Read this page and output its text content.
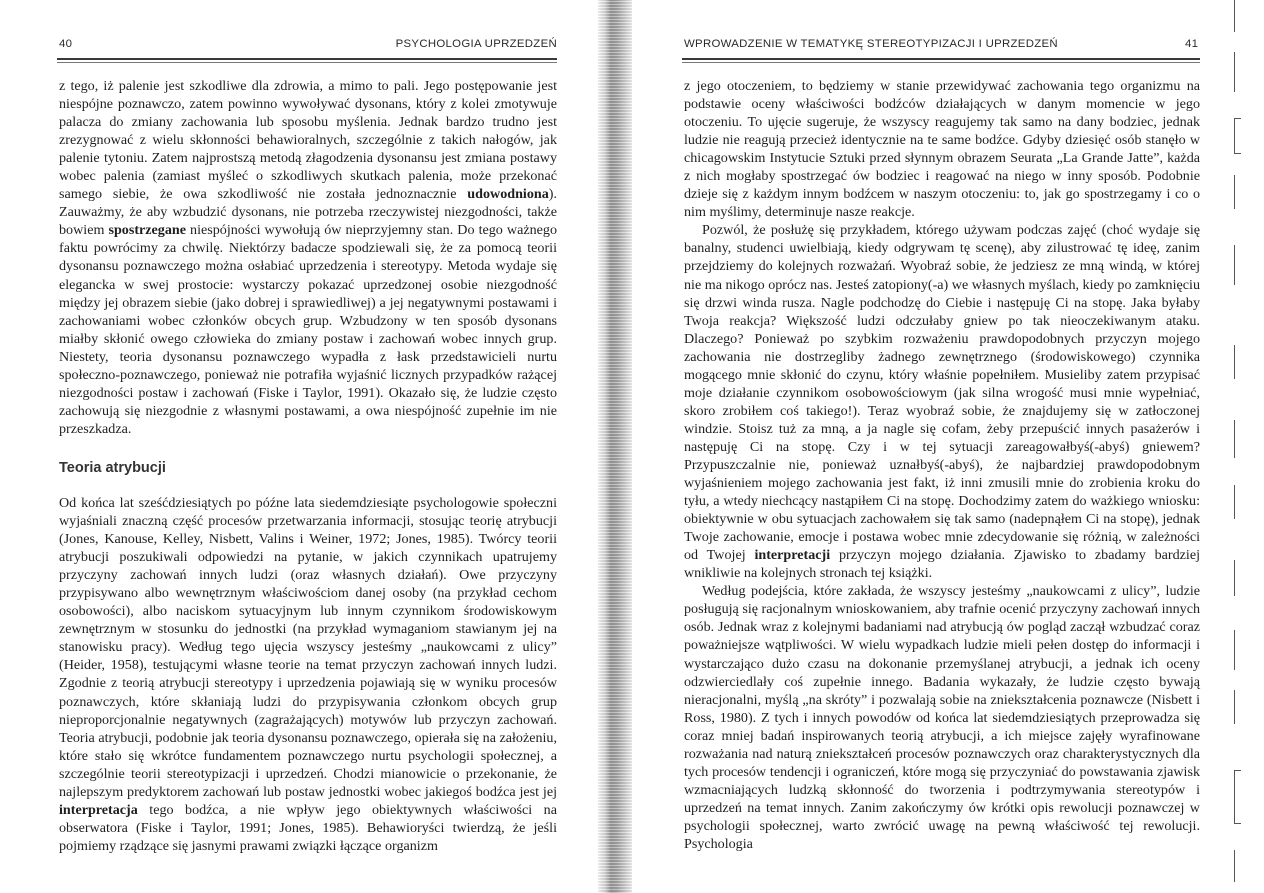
40	PSYCHOLOGIA UPRZEDZEŃ

z tego, iż palenie jest szkodliwe dla zdrowia, a mimo to pali. Jego postępowanie jest niespójne poznawczo, zatem powinno wywoływać dysonans, który z kolei zmotywuje palacza do zmiany zachowania lub sposobu myślenia. Jednak bardzo trudno jest zrezygnować z wielu skłonności behawioralnych, szczególnie z takich nałogów, jak palenie tytoniu. Zatem najprostszą metodą złagodzenia dysonansu jest zmiana postawy wobec palenia (zamiast myśleć o szkodliwych skutkach palenia, może przekonać samego siebie, że owa szkodliwość nie została jednoznacznie udowodniona). Zauważmy, że aby wzbudzić dysonans, nie potrzeba rzeczywistej niezgodności, także bowiem spostrzegane niespójności wywołują ów nieprzyjemny stan. Do tego ważnego faktu powrócimy za chwilę. Niektórzy badacze spodziewali się, że za pomocą teorii dysonansu poznawczego można osłabiać uprzedzenia i stereotypy. Metoda wydaje się elegancka w swej prostocie: wystarczy pokazać uprzedzonej osobie niezgodność między jej obrazem siebie (jako dobrej i sprawiedliwej) a jej negatywnymi postawami i zachowaniami wobec członków obcych grup. Wzbudzony w ten sposób dysonans miałby skłonić owego człowieka do zmiany postaw i zachowań wobec innych grup. Niestety, teoria dysonansu poznawczego wypadła z łask przedstawicieli nurtu społeczno-poznawczego, ponieważ nie potrafiła wyjaśnić licznych przypadków rażącej niezgodności postaw i zachowań (Fiske i Taylor, 1991). Okazało się, że ludzie często zachowują się niezgodnie z własnymi postawami, a owa niespójność zupełnie im nie przeszkadza.

Teoria atrybucji

Od końca lat sześćdziesiątych po późne lata siedemdziesiąte psychologowie społeczni wyjaśniali znaczną część procesów przetwarzania informacji, stosując teorię atrybucji (Jones, Kanouse, Kelley, Nisbett, Valins i Weiner, 1972; Jones, 1985). Twórcy teorii atrybucji poszukiwali odpowiedzi na pytanie, w jakich czynnikach upatrujemy przyczyny zachowań innych ludzi (oraz własnych działań). Owe przyczyny przypisywano albo wewnętrznym właściwościom danej osoby (na przykład cechom osobowości), albo naciskom sytuacyjnym lub innym czynnikom środowiskowym zewnętrznym w stosunku do jednostki (na przykład wymaganiom stawianym jej na stanowisku pracy). Według tego ujęcia wszyscy jesteśmy „naukowcami z ulicy” (Heider, 1958), testującymi własne teorie na temat przyczyn zachowań innych ludzi. Zgodnie z teorią atrybucji stereotypy i uprzedzenia pojawiają się w wyniku procesów poznawczych, które skłaniają ludzi do przypisywania członkom obcych grup nieproporcjonalnie negatywnych (zagrażających) motywów lub przyczyn zachowań. Teoria atrybucji, podobnie jak teoria dysonansu poznawczego, opierała się na założeniu, które stało się wkrótce fundamentem poznawczego nurtu psychologii społecznej, a szczególnie teorii stereotypizacji i uprzedzeń. Chodzi mianowicie o przekonanie, że najlepszym predyktorem zachowań lub postaw jednostki wobec jakiegoś bodźca jest jej interpretacja tego bodźca, a nie wpływ jego obiektywnych właściwości na obserwatora (Fiske i Taylor, 1991; Jones, 1985). Behawioryści twierdzą, że jeśli pojmiemy rządzące się jasnymi prawami związki łączące organizm

WPROWADZENIE W TEMATYKĘ STEREOTYPIZACJI I UPRZEDZEŃ	41

z jego otoczeniem, to będziemy w stanie przewidywać zachowania tego organizmu na podstawie oceny właściwości bodźców działających w danym momencie w jego otoczeniu. To ujęcie sugeruje, że wszyscy reagujemy tak samo na dany bodziec, jednak ludzie nie reagują przecież identycznie na te same bodźce. Gdyby dziesięć osób stanęło w chicagowskim Instytucie Sztuki przed słynnym obrazem Seurata „La Grande Jatte”, każda z nich mogłaby spostrzegać ów bodziec i reagować na niego w inny sposób. Podobnie dzieje się z każdym innym bodźcem w naszym otoczeniu: to, jak go spostrzegamy i co o nim myślimy, determinuje nasze reakcje.

Pozwól, że posłużę się przykładem, którego używam podczas zajęć (choć wydaje się banalny, studenci uwielbiają, kiedy odgrywam tę scenę), aby zilustrować tę ideę, zanim przejdziemy do kolejnych rozważań. Wyobraź sobie, że jedziesz ze mną windą, w której nie ma nikogo oprócz nas. Jesteś zatopiony(-a) we własnych myślach, kiedy po zamknięciu się drzwi winda rusza. Nagle podchodzę do Ciebie i następuję Ci na stopę. Jaka byłaby Twoja reakcja? Większość ludzi odczułaby gniew po tak nieoczekiwanym ataku. Dlaczego? Ponieważ po szybkim rozważeniu prawdopodobnych przyczyn mojego zachowania nie dostrzegliby żadnego zewnętrznego (środowiskowego) czynnika mogącego mnie skłonić do czynu, który właśnie popełniłem. Musieliby zatem przypisać moje działanie czynnikom osobowościowym (jak silna wrogość musi mnie wypełniać, skoro zrobiłem coś takiego!). Teraz wyobraź sobie, że znajdujemy się w zatłoczonej windzie. Stoisz tuż za mną, a ja nagle się cofam, żeby przepuścić innych pasażerów i następuję Ci na stopę. Czy i w tej sytuacji zareagowałbyś(-abyś) gniewem? Przypuszczalnie nie, ponieważ uznałbyś(-abyś), że najbardziej prawdopodobnym wyjaśnieniem mojego zachowania jest fakt, iż inni zmusili mnie do zrobienia kroku do tyłu, a wtedy niechcący nastąpiłem Ci na stopę. Dochodzimy zatem do ważkiego wniosku: obiektywnie w obu sytuacjach zachowałem się tak samo (nadepnąłem Ci na stopę), jednak Twoje zachowanie, emocje i postawa wobec mnie zdecydowanie się różnią, w zależności od Twojej interpretacji przyczyn mojego działania. Zjawisko to zbadamy bardziej wnikliwie na kolejnych stronach tej książki.

Według podejścia, które zakłada, że wszyscy jesteśmy „naukowcami z ulicy”, ludzie posługują się racjonalnym wnioskowaniem, aby trafnie ocenić przyczyny zachowań innych osób. Jednak wraz z kolejnymi badaniami nad atrybucją ów pogląd zaczął wzbudzać coraz poważniejsze wątpliwości. W wielu wypadkach ludzie mieli pełen dostęp do informacji i wystarczająco dużo czasu na dokonanie przemyślanej atrybucji, a jednak ich oceny odzwierciedlały coś zupełnie innego. Badania wykazały, że ludzie często bywają nieracjonalni, myślą „na skróty” i pozwalają sobie na zniekształcenia poznawcze (Nisbett i Ross, 1980). Z tych i innych powodów od końca lat siedemdziesiątych przeprowadza się coraz mniej badań inspirowanych teorią atrybucji, a ich miejsce zajęły wyrafinowane rozważania nad naturą zniekształceń procesów poznawczych oraz charakterystycznych dla tych procesów tendencji i ograniczeń, które mogą się przyczyniać do powstawania zjawisk wzmacniających ludzką skłonność do tworzenia i podtrzymywania stereotypów i uprzedzeń na temat innych. Zanim zakończymy ów krótki opis rewolucji poznawczej w psychologii społecznej, warto zwrócić uwagę na pewną właściwość tej rewolucji. Psychologia
